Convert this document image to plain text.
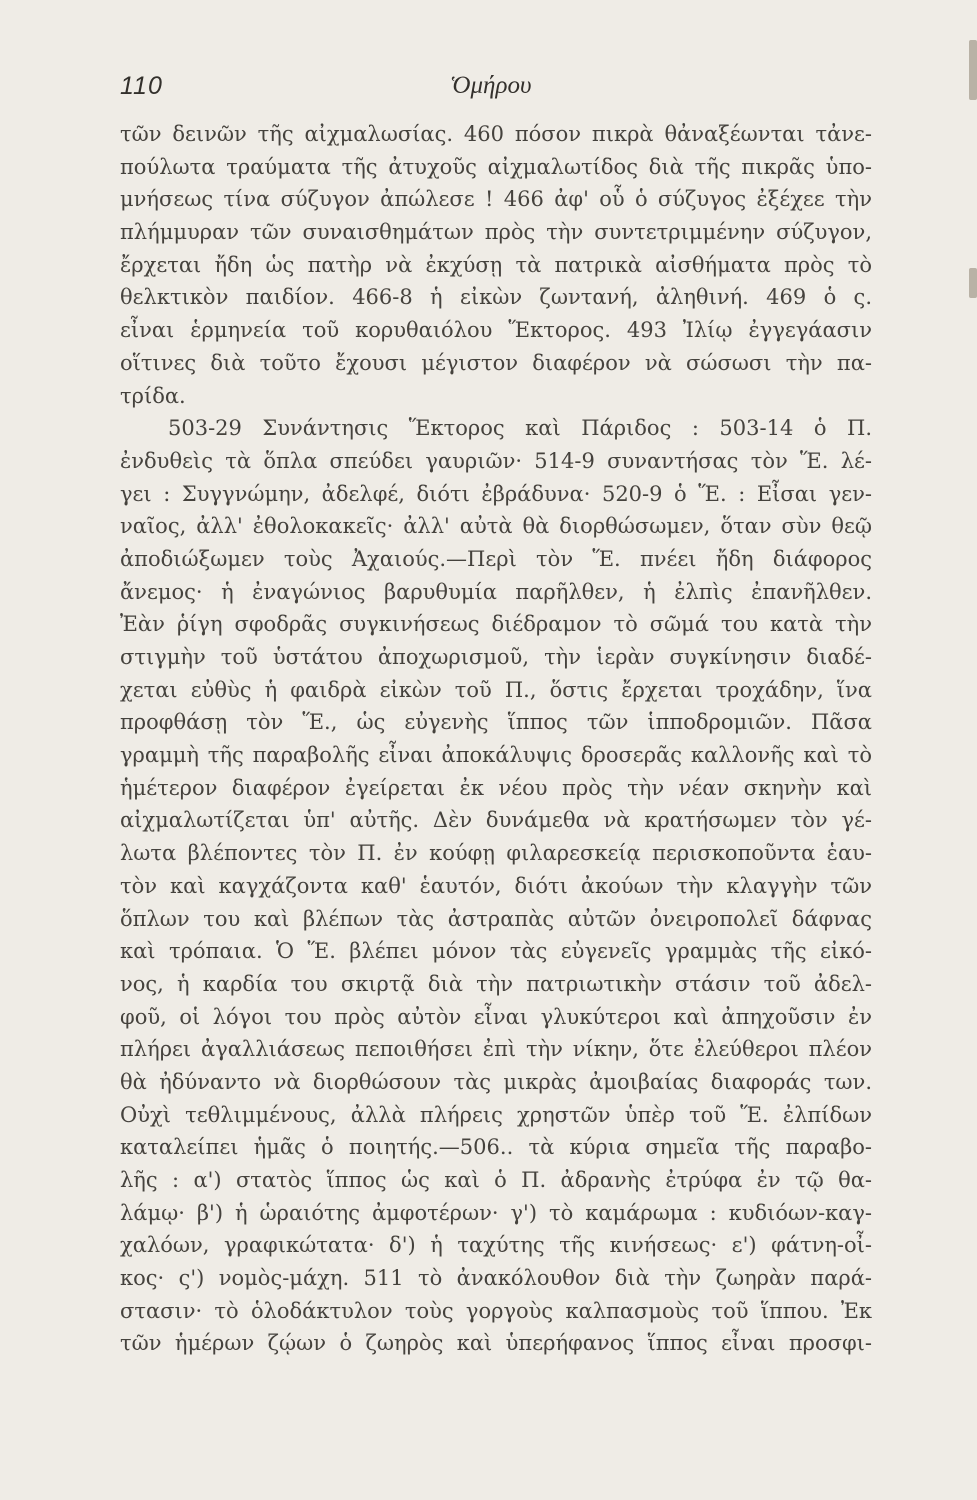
110	Ὁμήρου
τῶν δεινῶν τῆς αἰχμαλωσίας. 460 πόσον πικρὰ θἀναξέωνται τἀνε-
πούλωτα τραύματα τῆς ἀτυχοῦς αἰχμαλωτίδος διὰ τῆς πικρᾶς ὑπο-
μνήσεως τίνα σύζυγον ἀπώλεσε ! 466 ἀφ' οὗ ὁ σύζυγος ἐξέχεε τὴν
πλήμμυραν τῶν συναισθημάτων πρὸς τὴν συντετριμμένην σύζυγον,
ἔρχεται ἤδη ὡς πατὴρ νὰ ἐκχύσῃ τὰ πατρικὰ αἰσθήματα πρὸς τὸ
θελκτικὸν παιδίον. 466-8 ἡ εἰκὼν ζωντανή, ἀληθινή. 469 ὁ ς.
εἶναι ἑρμηνεία τοῦ κορυθαιόλου Ἕκτορος. 493 Ἰλίῳ ἐγγεγάασιν
οἵτινες διὰ τοῦτο ἔχουσι μέγιστον διαφέρον νὰ σώσωσι τὴν πα-
τρίδα.
503-29 Συνάντησις Ἕκτορος καὶ Πάριδος : 503-14 ὁ Π.
ἐνδυθεὶς τὰ ὅπλα σπεύδει γαυριῶν· 514-9 συναντήσας τὸν Ἕ. λέ-
γει : Συγγνώμην, ἀδελφέ, διότι ἐβράδυνα· 520-9 ὁ Ἕ. : Εἶσαι γεν-
ναῖος, ἀλλ' ἐθολοκακεῖς· ἀλλ' αὐτὰ θὰ διορθώσωμεν, ὅταν σὺν θεῷ
ἀποδιώξωμεν τοὺς Ἀχαιούς.—Περὶ τὸν Ἕ. πνέει ἤδη διάφορος
ἄνεμος· ἡ ἐναγώνιος βαρυθυμία παρῆλθεν, ἡ ἐλπὶς ἐπανῆλθεν.
Ἐὰν ῥίγη σφοδρᾶς συγκινήσεως διέδραμον τὸ σῶμά του κατὰ τὴν
στιγμὴν τοῦ ὑστάτου ἀποχωρισμοῦ, τὴν ἱερὰν συγκίνησιν διαδέ-
χεται εὐθὺς ἡ φαιδρὰ εἰκὼν τοῦ Π., ὅστις ἔρχεται τροχάδην, ἵνα
προφθάσῃ τὸν Ἕ., ὡς εὐγενὴς ἵππος τῶν ἱπποδρομιῶν. Πᾶσα
γραμμὴ τῆς παραβολῆς εἶναι ἀποκάλυψις δροσερᾶς καλλονῆς καὶ τὸ
ἡμέτερον διαφέρον ἐγείρεται ἐκ νέου πρὸς τὴν νέαν σκηνὴν καὶ
αἰχμαλωτίζεται ὑπ' αὐτῆς. Δὲν δυνάμεθα νὰ κρατήσωμεν τὸν γέ-
λωτα βλέποντες τὸν Π. ἐν κούφῃ φιλαρεσκείᾳ περισκοποῦντα ἑαυ-
τὸν καὶ καγχάζοντα καθ' ἑαυτόν, διότι ἀκούων τὴν κλαγγὴν τῶν
ὅπλων του καὶ βλέπων τὰς ἀστραπὰς αὐτῶν ὀνειροπολεῖ δάφνας
καὶ τρόπαια. Ὁ Ἕ. βλέπει μόνον τὰς εὐγενεῖς γραμμὰς τῆς εἰκό-
νος, ἡ καρδία του σκιρτᾷ διὰ τὴν πατριωτικὴν στάσιν τοῦ ἀδελ-
φοῦ, οἱ λόγοι του πρὸς αὐτὸν εἶναι γλυκύτεροι καὶ ἀπηχοῦσιν ἐν
πλήρει ἀγαλλιάσεως πεποιθήσει ἐπὶ τὴν νίκην, ὅτε ἐλεύθεροι πλέον
θὰ ἠδύναντο νὰ διορθώσουν τὰς μικρὰς ἀμοιβαίας διαφοράς των.
Οὐχὶ τεθλιμμένους, ἀλλὰ πλήρεις χρηστῶν ὑπὲρ τοῦ Ἕ. ἐλπίδων
καταλείπει ἡμᾶς ὁ ποιητής.—506.. τὰ κύρια σημεῖα τῆς παραβο-
λῆς : α') στατὸς ἵππος ὡς καὶ ὁ Π. ἀδρανὴς ἐτρύφα ἐν τῷ θα-
λάμῳ· β') ἡ ὡραιότης ἀμφοτέρων· γ') τὸ καμάρωμα : κυδιόων-καγ-
χαλόων, γραφικώτατα· δ') ἡ ταχύτης τῆς κινήσεως· ε') φάτνη-οἶ-
κος· ς') νομὸς-μάχη. 511 τὸ ἀνακόλουθον διὰ τὴν ζωηρὰν παρά-
στασιν· τὸ ὁλοδάκτυλον τοὺς γοργοὺς καλπασμοὺς τοῦ ἵππου. Ἐκ
τῶν ἡμέρων ζῴων ὁ ζωηρὸς καὶ ὑπερήφανος ἵππος εἶναι προσφι-
